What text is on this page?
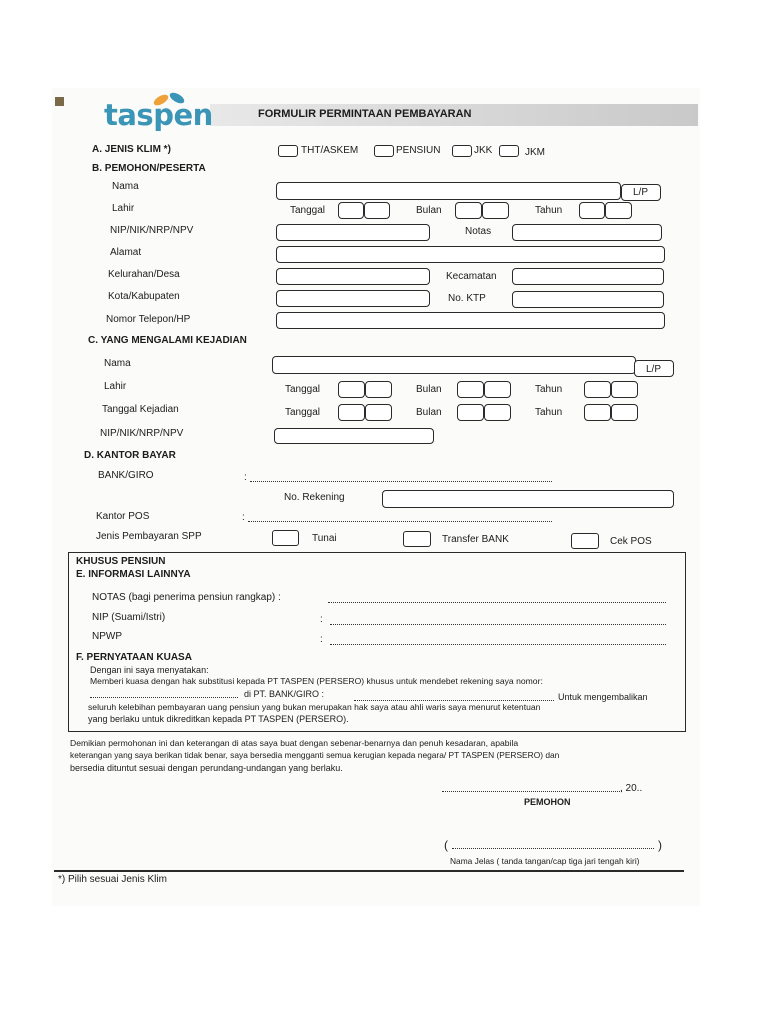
taspen	FORMULIR PERMINTAAN PEMBAYARAN
A. JENIS KLIM *)	THT/ASKEM	PENSIUN	JKK	JKM
B. PEMOHON/PESERTA
Nama
L/P
Lahir	Tanggal	Bulan	Tahun
NIP/NIK/NRP/NPV	Notas
Alamat
Kelurahan/Desa	Kecamatan
Kota/Kabupaten	No. KTP
Nomor Telepon/HP
C. YANG MENGALAMI KEJADIAN
Nama
L/P
Lahir	Tanggal	Bulan	Tahun
Tanggal Kejadian	Tanggal	Bulan	Tahun
NIP/NIK/NRP/NPV
D. KANTOR BAYAR
BANK/GIRO	:
No. Rekening
Kantor POS	:
Jenis Pembayaran SPP	Tunai	Transfer BANK	Cek POS
KHUSUS PENSIUN
E. INFORMASI LAINNYA
NOTAS (bagi penerima pensiun rangkap) :
NIP (Suami/Istri)	:
NPWP	:
F. PERNYATAAN KUASA
Dengan ini saya menyatakan:
Memberi kuasa dengan hak substitusi kepada PT TASPEN (PERSERO) khusus untuk mendebet rekening saya nomor:
di PT. BANK/GIRO :	Untuk mengembalikan
seluruh kelebihan pembayaran uang pensiun yang bukan merupakan hak saya atau ahli waris saya menurut ketentuan
yang berlaku untuk dikreditkan kepada PT TASPEN (PERSERO).
Demikian permohonan ini dan keterangan di atas saya buat dengan sebenar-benarnya dan penuh kesadaran, apabila
keterangan yang saya berikan tidak benar, saya bersedia mengganti semua kerugian kepada negara/ PT TASPEN (PERSERO) dan
bersedia dituntut sesuai dengan perundang-undangan yang berlaku.
, 20..
PEMOHON
(	)
Nama Jelas ( tanda tangan/cap tiga jari tengah kiri)
*) Pilih sesuai Jenis Klim
